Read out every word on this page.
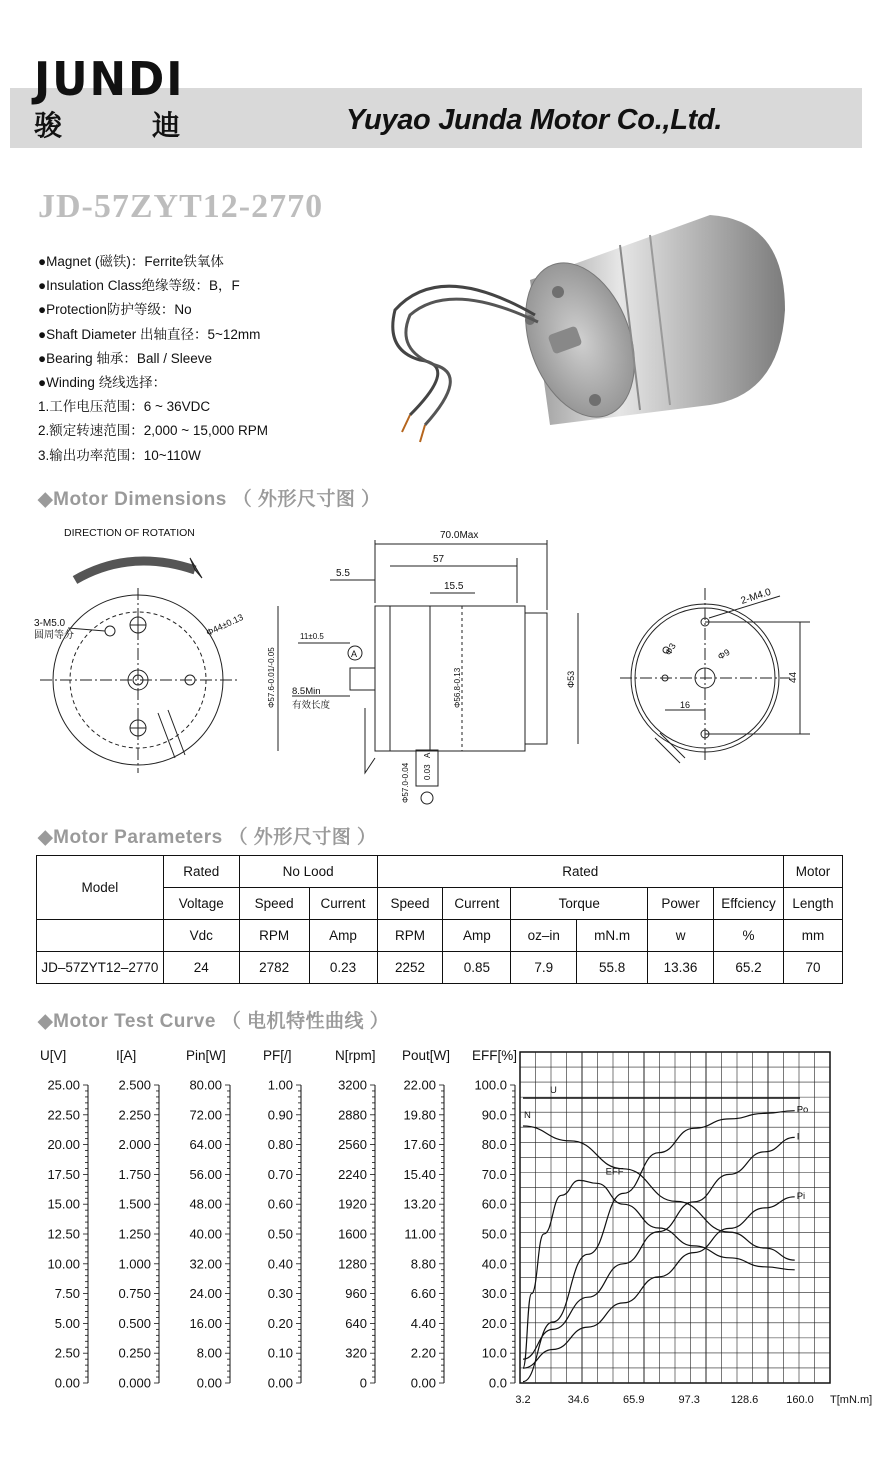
JUNDI
骏	迪	Yuyao Junda Motor Co.,Ltd.
JD-57ZYT12-2770
●Magnet (磁铁)：Ferrite铁氧体
●Insulation Class绝缘等级：B，F
●Protection防护等级：No
●Shaft Diameter 出轴直径：5~12mm
●Bearing 轴承：Ball / Sleeve
●Winding 绕线选择：
1.工作电压范围：6 ~ 36VDC
2.额定转速范围：2,000 ~ 15,000 RPM
3.输出功率范围：10~110W
◆Motor Dimensions （ 外形尺寸图 ）
DIRECTION OF ROTATION
3-M5.0
圆周等分	Φ44±0.13
70.0Max
57
5.5
15.5
11±0.5
8.5Min
有效长度
A
Φ57.6-0.01/-0.05	Φ56.8-0.13	Φ53
Φ57.0-0.04 0.03
A
44
2-M4.0
Φ3	Φ9
16
◆Motor Parameters （ 外形尺寸图 ）
Model	Rated	No Lood		Rated						Motor
	Voltage	Speed	Current	Speed	Current	Torque		Power	Effciency	Length
	Vdc	RPM	Amp	RPM	Amp	oz–in	mN.m	w	%	mm
JD–57ZYT12–2770	24	2782	0.23	2252	0.85	7.9	55.8	13.36	65.2	70
◆Motor Test Curve （ 电机特性曲线 ）
U[V]
25.00
22.50
20.00
17.50
15.00
12.50
10.00
7.50
5.00
2.50
0.00
I[A]
2.500
2.250
2.000
1.750
1.500
1.250
1.000
0.750
0.500
0.250
0.000
Pin[W]
80.00
72.00
64.00
56.00
48.00
40.00
32.00
24.00
16.00
8.00
0.00
PF[/]
1.00
0.90
0.80
0.70
0.60
0.50
0.40
0.30
0.20
0.10
0.00
N[rpm]
3200
2880
2560
2240
1920
1600
1280
960
640
320
0
Pout[W]
22.00
19.80
17.60
15.40
13.20
11.00
8.80
6.60
4.40
2.20
0.00
EFF[%]
100.0
90.0
80.0
70.0
60.0
50.0
40.0
30.0
20.0
10.0
0.0
3.2	34.6	65.9	97.3	128.6	160.0 T[mN.m]
U
N	Po
I
Pi
EFF
